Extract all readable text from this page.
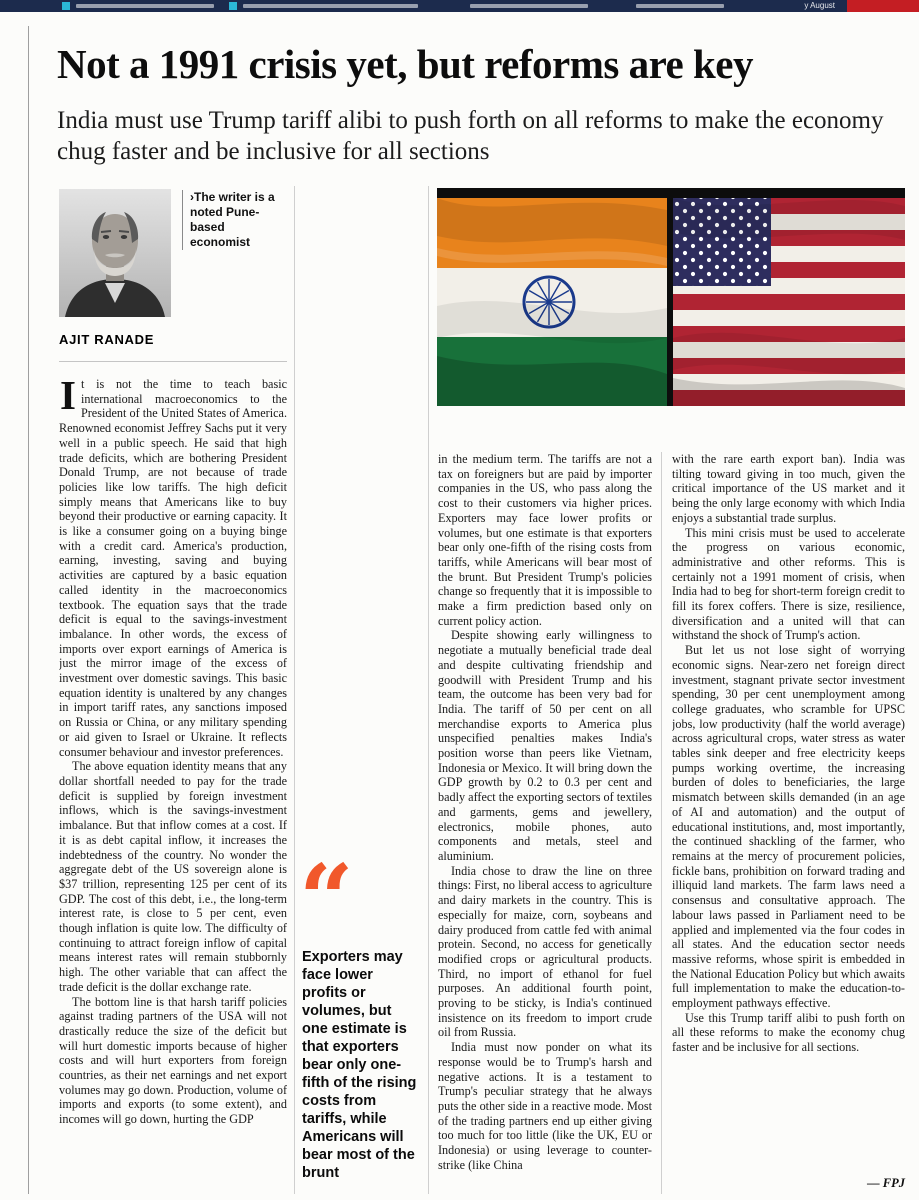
y August
Not a 1991 crisis yet, but reforms are key
India must use Trump tariff alibi to push forth on all reforms to make the economy chug faster and be inclusive for all sections
›The writer is a noted Pune-based economist
AJIT RANADE

It is not the time to teach basic international macroeconomics to the President of the United States of America. Renowned economist Jeffrey Sachs put it very well in a public speech. He said that high trade deficits, which are bothering President Donald Trump, are not because of trade policies like low tariffs. The high deficit simply means that Americans like to buy beyond their productive or earning capacity. It is like a consumer going on a buying binge with a credit card. America's production, earning, investing, saving and buying activities are captured by a basic equation called identity in the macroeconomics textbook. The equation says that the trade deficit is equal to the savings-investment imbalance. In other words, the excess of imports over export earnings of America is just the mirror image of the excess of investment over domestic savings. This basic equation identity is unaltered by any changes in import tariff rates, any sanctions imposed on Russia or China, or any military spending or aid given to Israel or Ukraine. It reflects consumer behaviour and investor preferences.

The above equation identity means that any dollar shortfall needed to pay for the trade deficit is supplied by foreign investment inflows, which is the savings-investment imbalance. But that inflow comes at a cost. If it is as debt capital inflow, it increases the indebtedness of the country. No wonder the aggregate debt of the US sovereign alone is $37 trillion, representing 125 per cent of its GDP. The cost of this debt, i.e., the long-term interest rate, is close to 5 per cent, even though inflation is quite low. The difficulty of continuing to attract foreign inflow of capital means interest rates will remain stubbornly high. The other variable that can affect the trade deficit is the dollar exchange rate.

The bottom line is that harsh tariff policies against trading partners of the USA will not drastically reduce the size of the deficit but will hurt domestic imports because of higher costs and will hurt exporters from foreign countries, as their net earnings and net export volumes may go down. Production, volume of imports and exports (to some extent), and incomes will go down, hurting the GDP

in the medium term. The tariffs are not a tax on foreigners but are paid by importer companies in the US, who pass along the cost to their customers via higher prices. Exporters may face lower profits or volumes, but one estimate is that exporters bear only one-fifth of the rising costs from tariffs, while Americans will bear most of the brunt. But President Trump's policies change so frequently that it is impossible to make a firm prediction based only on current policy action.

Despite showing early willingness to negotiate a mutually beneficial trade deal and despite cultivating friendship and goodwill with President Trump and his team, the outcome has been very bad for India. The tariff of 50 per cent on all merchandise exports to America plus unspecified penalties makes India's position worse than peers like Vietnam, Indonesia or Mexico. It will bring down the GDP growth by 0.2 to 0.3 per cent and badly affect the exporting sectors of textiles and garments, gems and jewellery, electronics, mobile phones, auto components and metals, steel and aluminium.

India chose to draw the line on three things: First, no liberal access to agriculture and dairy markets in the country. This is especially for maize, corn, soybeans and dairy produced from cattle fed with animal protein. Second, no access for genetically modified crops or agricultural products. Third, no import of ethanol for fuel purposes. An additional fourth point, proving to be sticky, is India's continued insistence on its freedom to import crude oil from Russia.

India must now ponder on what its response would be to Trump's harsh and negative actions. It is a testament to Trump's peculiar strategy that he always puts the other side in a reactive mode. Most of the trading partners end up either giving too much for too little (like the UK, EU or Indonesia) or using leverage to counter-strike (like China

with the rare earth export ban). India was tilting toward giving in too much, given the critical importance of the US market and it being the only large economy with which India enjoys a substantial trade surplus.

This mini crisis must be used to accelerate the progress on various economic, administrative and other reforms. This is certainly not a 1991 moment of crisis, when India had to beg for short-term foreign credit to fill its forex coffers. There is size, resilience, diversification and a united will that can withstand the shock of Trump's action.

But let us not lose sight of worrying economic signs. Near-zero net foreign direct investment, stagnant private sector investment spending, 30 per cent unemployment among college graduates, who scramble for UPSC jobs, low productivity (half the world average) across agricultural crops, water stress as water tables sink deeper and free electricity keeps pumps working overtime, the increasing burden of doles to beneficiaries, the large mismatch between skills demanded (in an age of AI and automation) and the output of educational institutions, and, most importantly, the continued shackling of the farmer, who remains at the mercy of procurement policies, fickle bans, prohibition on forward trading and illiquid land markets. The farm laws need a consensus and consultative approach. The labour laws passed in Parliament need to be applied and implemented via the four codes in all states. And the education sector needs massive reforms, whose spirit is embedded in the National Education Policy but which awaits full implementation to make the education-to-employment pathways effective.

Use this Trump tariff alibi to push forth on all these reforms to make the economy chug faster and be inclusive for all sections.

“
Exporters may face lower profits or volumes, but one estimate is that exporters bear only one-fifth of the rising costs from tariffs, while Americans will bear most of the brunt
— FPJ
